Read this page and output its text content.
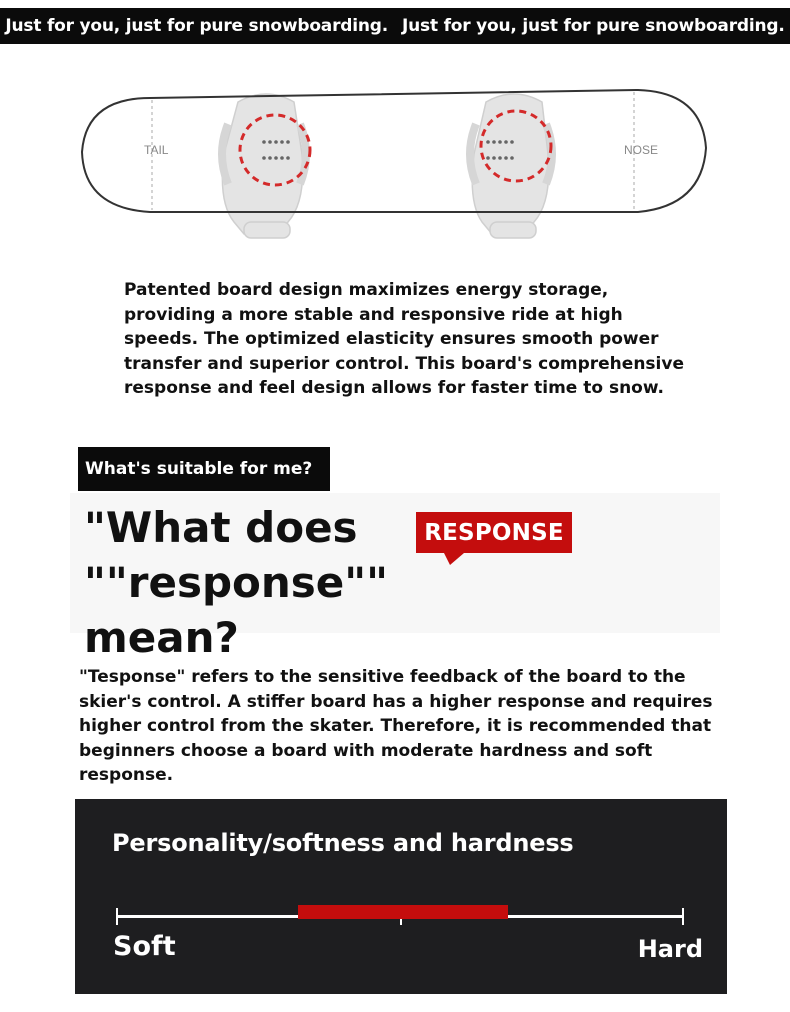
Just for you, just for pure snowboarding. Just for you, just for pure snowboarding.
TAIL	NOSE

Patented board design maximizes energy storage, providing a more stable and responsive ride at high speeds. The optimized elasticity ensures smooth power transfer and superior control. This board's comprehensive response and feel design allows for faster time to snow.

What's suitable for me?
"What does ""response"" mean?
RESPONSE

"Tesponse" refers to the sensitive feedback of the board to the skier's control. A stiffer board has a higher response and requires higher control from the skater. Therefore, it is recommended that beginners choose a board with moderate hardness and soft response.

Personality/softness and hardness
Soft	Hard
